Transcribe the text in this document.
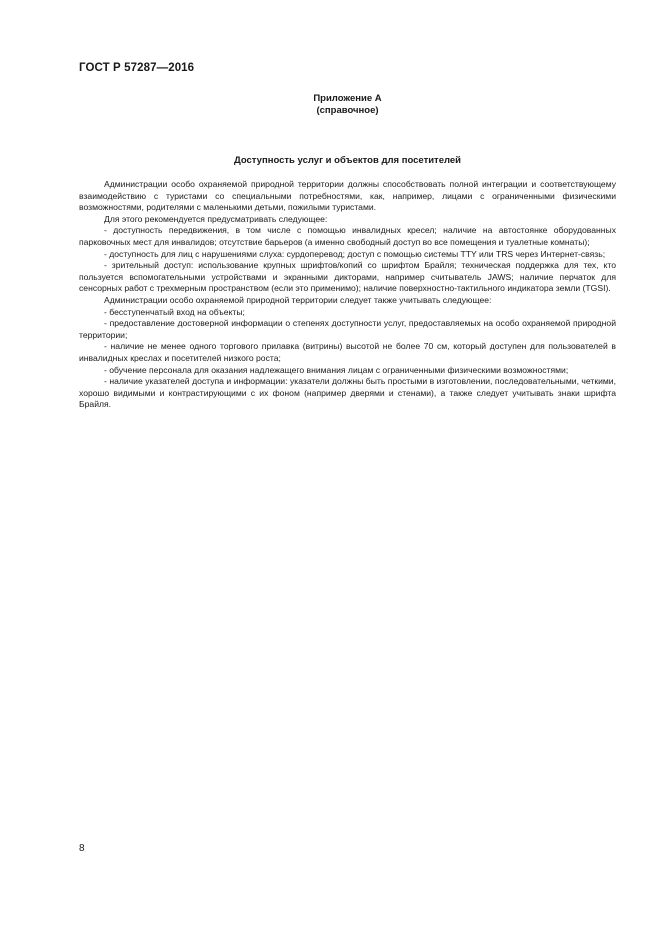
ГОСТ Р 57287—2016
Приложение А
(справочное)
Доступность услуг и объектов для посетителей

Администрации особо охраняемой природной территории должны способствовать полной интеграции и соответствующему взаимодействию с туристами со специальными потребностями, как, например, лицами с ограниченными физическими возможностями, родителями с маленькими детьми, пожилыми туристами.

Для этого рекомендуется предусматривать следующее:

- доступность передвижения, в том числе с помощью инвалидных кресел; наличие на автостоянке оборудованных парковочных мест для инвалидов; отсутствие барьеров (а именно свободный доступ во все помещения и туалетные комнаты);

- доступность для лиц с нарушениями слуха: сурдоперевод; доступ с помощью системы TTY или TRS через Интернет-связь;

- зрительный доступ: использование крупных шрифтов/копий со шрифтом Брайля; техническая поддержка для тех, кто пользуется вспомогательными устройствами и экранными дикторами, например считыватель JAWS; наличие перчаток для сенсорных работ с трехмерным пространством (если это применимо); наличие поверхностно-тактильного индикатора земли (TGSI).

Администрации особо охраняемой природной территории следует также учитывать следующее:

- бесступенчатый вход на объекты;

- предоставление достоверной информации о степенях доступности услуг, предоставляемых на особо охраняемой природной территории;

- наличие не менее одного торгового прилавка (витрины) высотой не более 70 см, который доступен для пользователей в инвалидных креслах и посетителей низкого роста;

- обучение персонала для оказания надлежащего внимания лицам с ограниченными физическими возможностями;

- наличие указателей доступа и информации: указатели должны быть простыми в изготовлении, последовательными, четкими, хорошо видимыми и контрастирующими с их фоном (например дверями и стенами), а также следует учитывать знаки шрифта Брайля.

8
